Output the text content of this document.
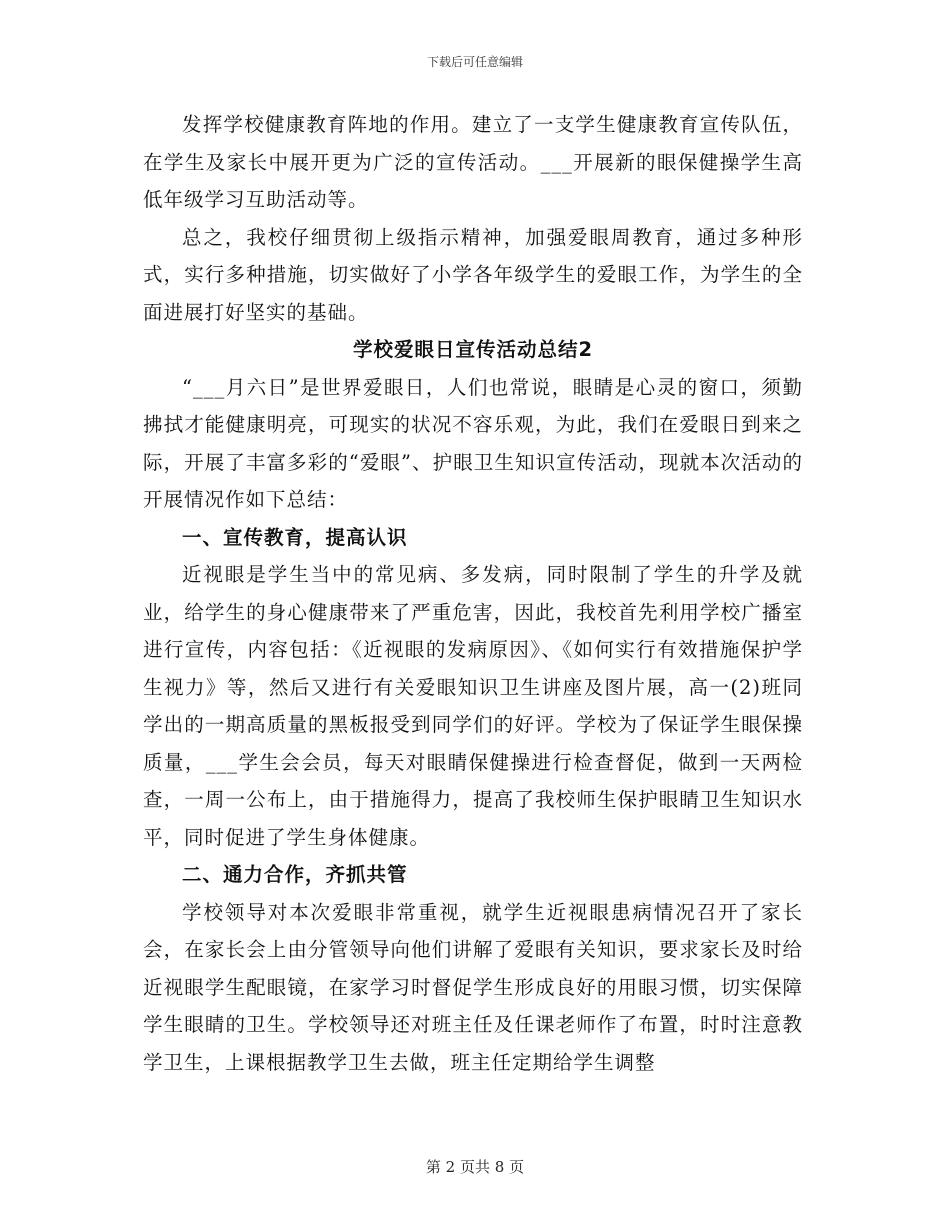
下载后可任意编辑

发挥学校健康教育阵地的作用。建立了一支学生健康教育宣传队伍，在学生及家长中展开更为广泛的宣传活动。___开展新的眼保健操学生高低年级学习互助活动等。

总之，我校仔细贯彻上级指示精神，加强爱眼周教育，通过多种形式，实行多种措施，切实做好了小学各年级学生的爱眼工作，为学生的全面进展打好坚实的基础。

学校爱眼日宣传活动总结2

“___月六日”是世界爱眼日，人们也常说，眼睛是心灵的窗口，须勤拂拭才能健康明亮，可现实的状况不容乐观，为此，我们在爱眼日到来之际，开展了丰富多彩的“爱眼”、护眼卫生知识宣传活动，现就本次活动的开展情况作如下总结：

一、宣传教育，提高认识

近视眼是学生当中的常见病、多发病，同时限制了学生的升学及就业，给学生的身心健康带来了严重危害，因此，我校首先利用学校广播室进行宣传，内容包括：《近视眼的发病原因》、《如何实行有效措施保护学生视力》等，然后又进行有关爱眼知识卫生讲座及图片展，高一(2)班同学出的一期高质量的黑板报受到同学们的好评。学校为了保证学生眼保操质量，___学生会会员，每天对眼睛保健操进行检查督促，做到一天两检查，一周一公布上，由于措施得力，提高了我校师生保护眼睛卫生知识水平，同时促进了学生身体健康。

二、通力合作，齐抓共管

学校领导对本次爱眼非常重视，就学生近视眼患病情况召开了家长会，在家长会上由分管领导向他们讲解了爱眼有关知识，要求家长及时给近视眼学生配眼镜，在家学习时督促学生形成良好的用眼习惯，切实保障学生眼睛的卫生。学校领导还对班主任及任课老师作了布置，时时注意教学卫生，上课根据教学卫生去做，班主任定期给学生调整

第 2 页共 8 页
